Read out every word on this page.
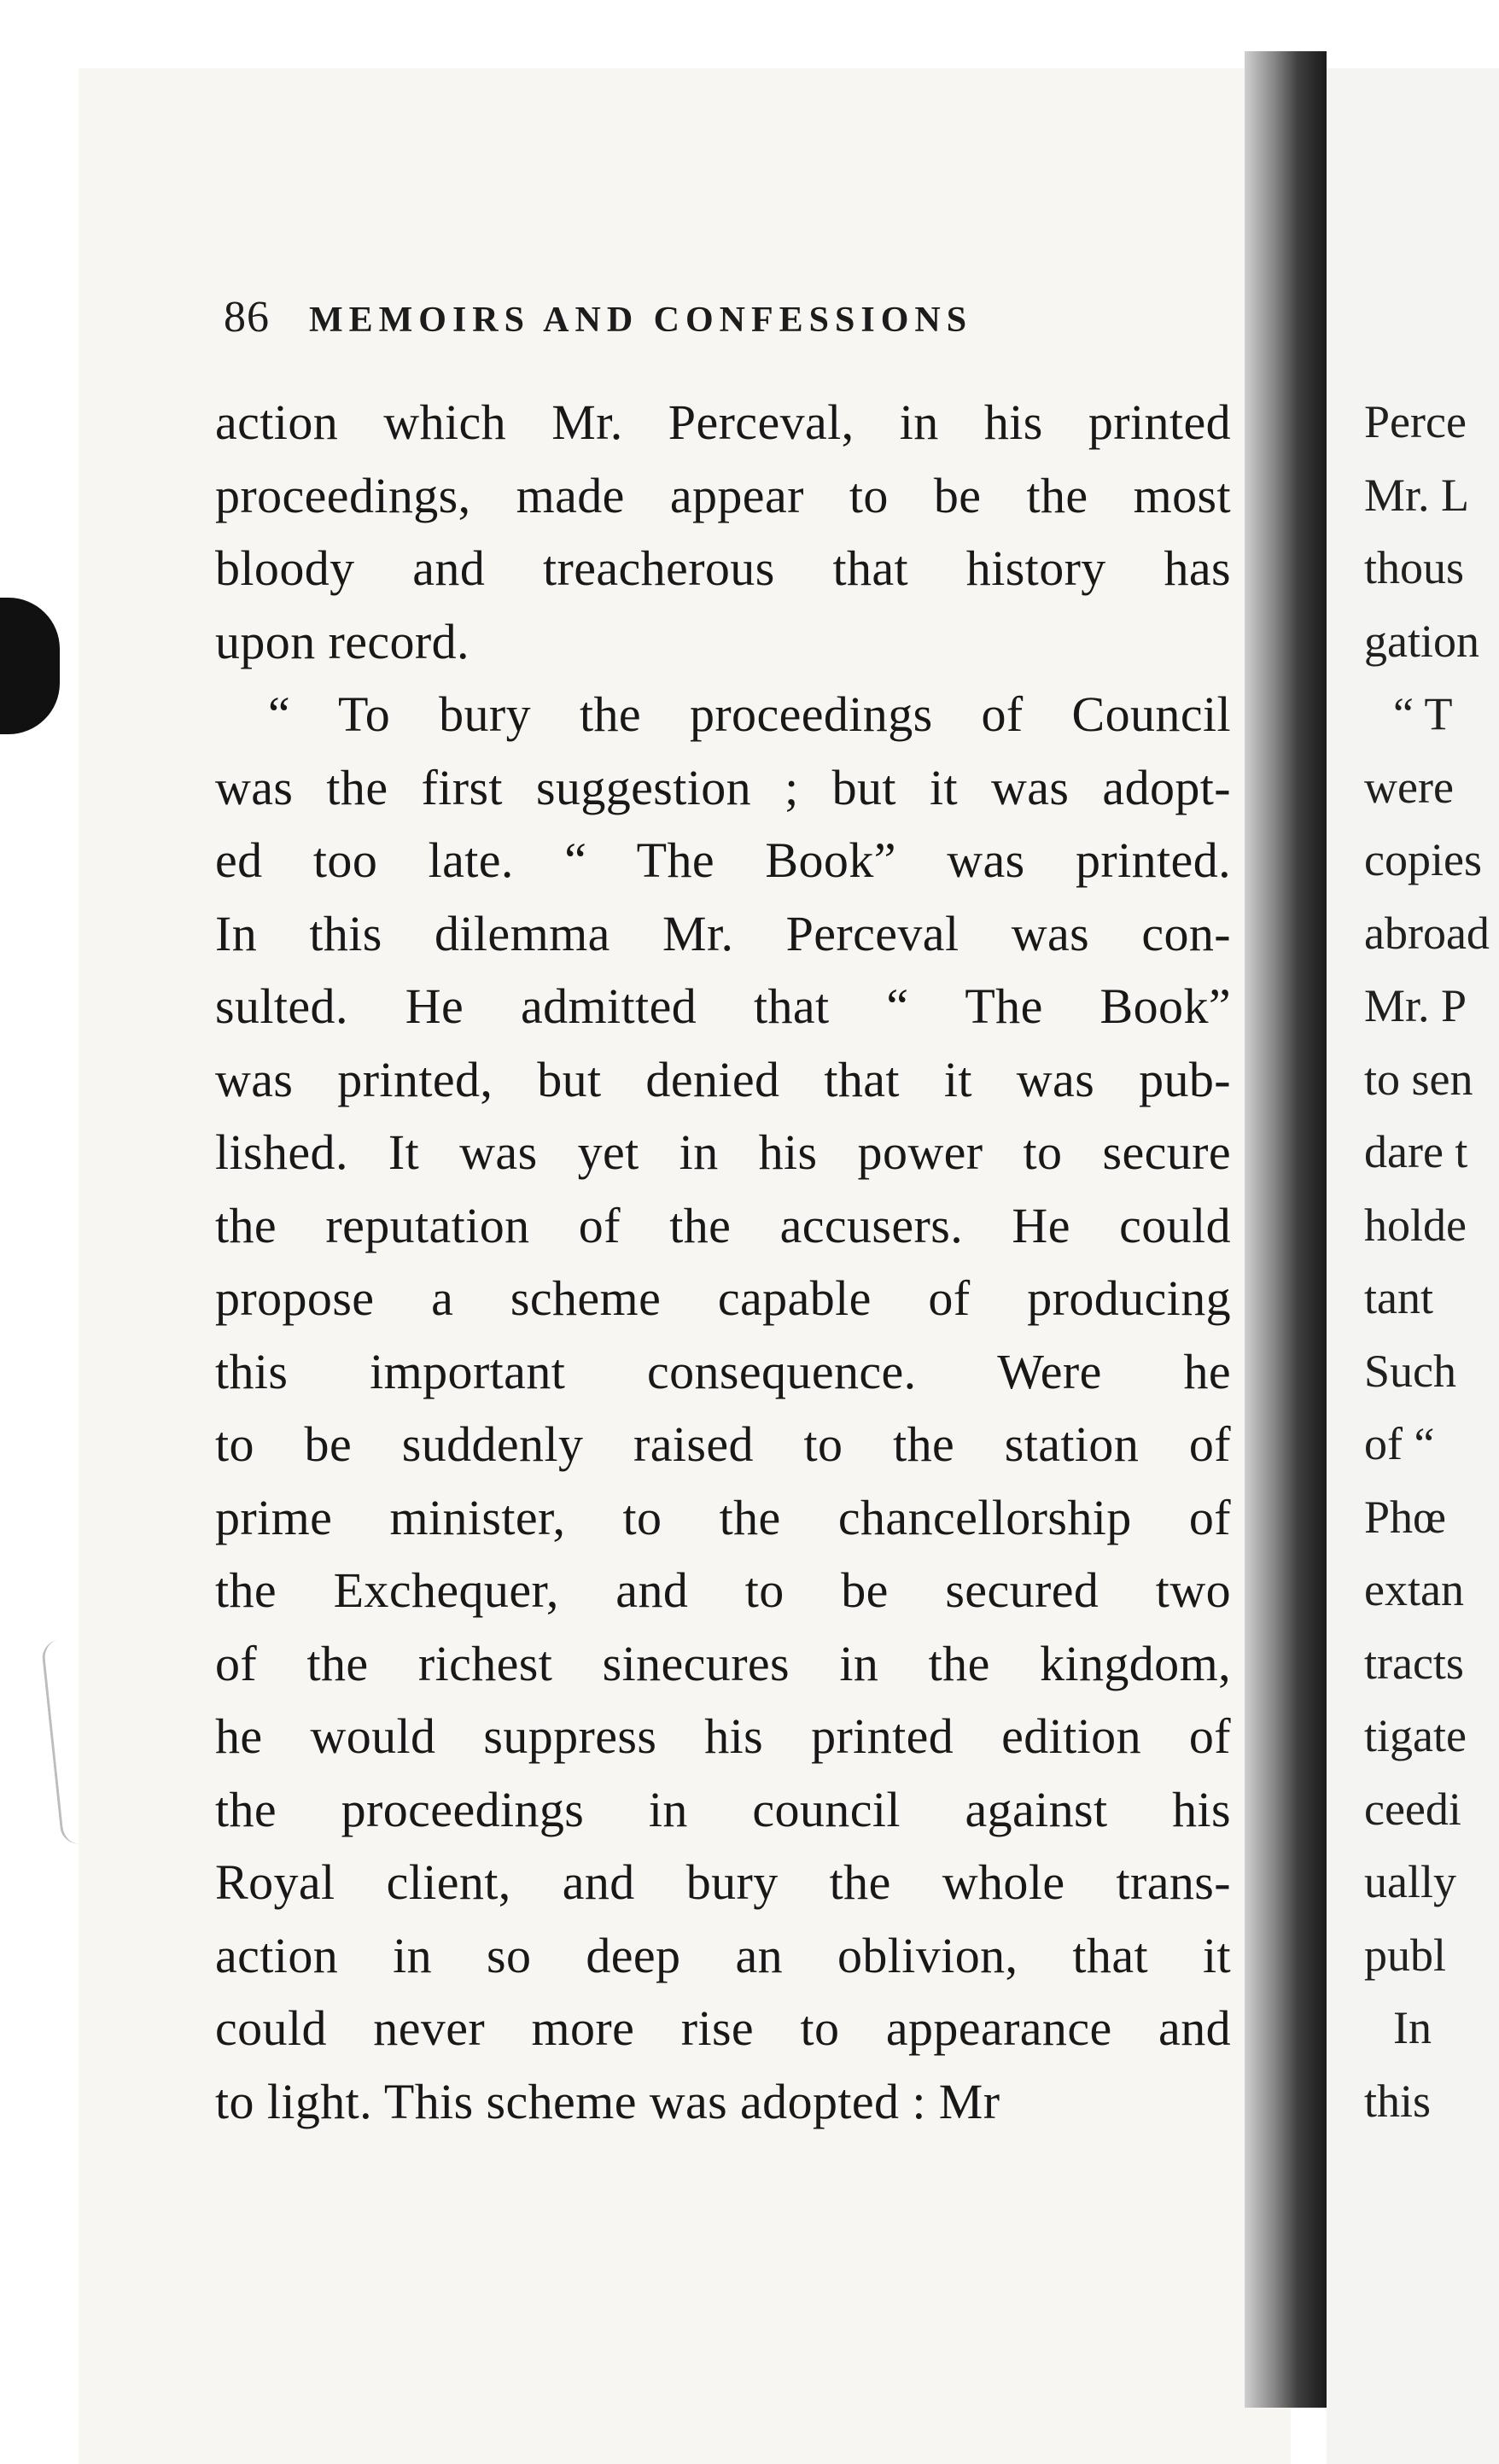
86 MEMOIRS AND CONFESSIONS
action which Mr. Perceval, in his printed
proceedings, made appear to be the most
bloody and treacherous that history has
upon record.
“ To bury the proceedings of Council
was the first suggestion ; but it was adopt-
ed too late. “ The Book” was printed.
In this dilemma Mr. Perceval was con-
sulted. He admitted that “ The Book”
was printed, but denied that it was pub-
lished. It was yet in his power to secure
the reputation of the accusers. He could
propose a scheme capable of producing
this important consequence. Were he
to be suddenly raised to the station of
prime minister, to the chancellorship of
the Exchequer, and to be secured two
of the richest sinecures in the kingdom,
he would suppress his printed edition of
the proceedings in council against his
Royal client, and bury the whole trans-
action in so deep an oblivion, that it
could never more rise to appearance and
to light. This scheme was adopted : Mr
Perce
Mr. L
thous
gation
“ T
were
copies
abroad
Mr. P
to sen
dare t
holde
tant
Such
of “
Phœ
extan
tracts
tigate
ceedi
ually
publ
In
this
